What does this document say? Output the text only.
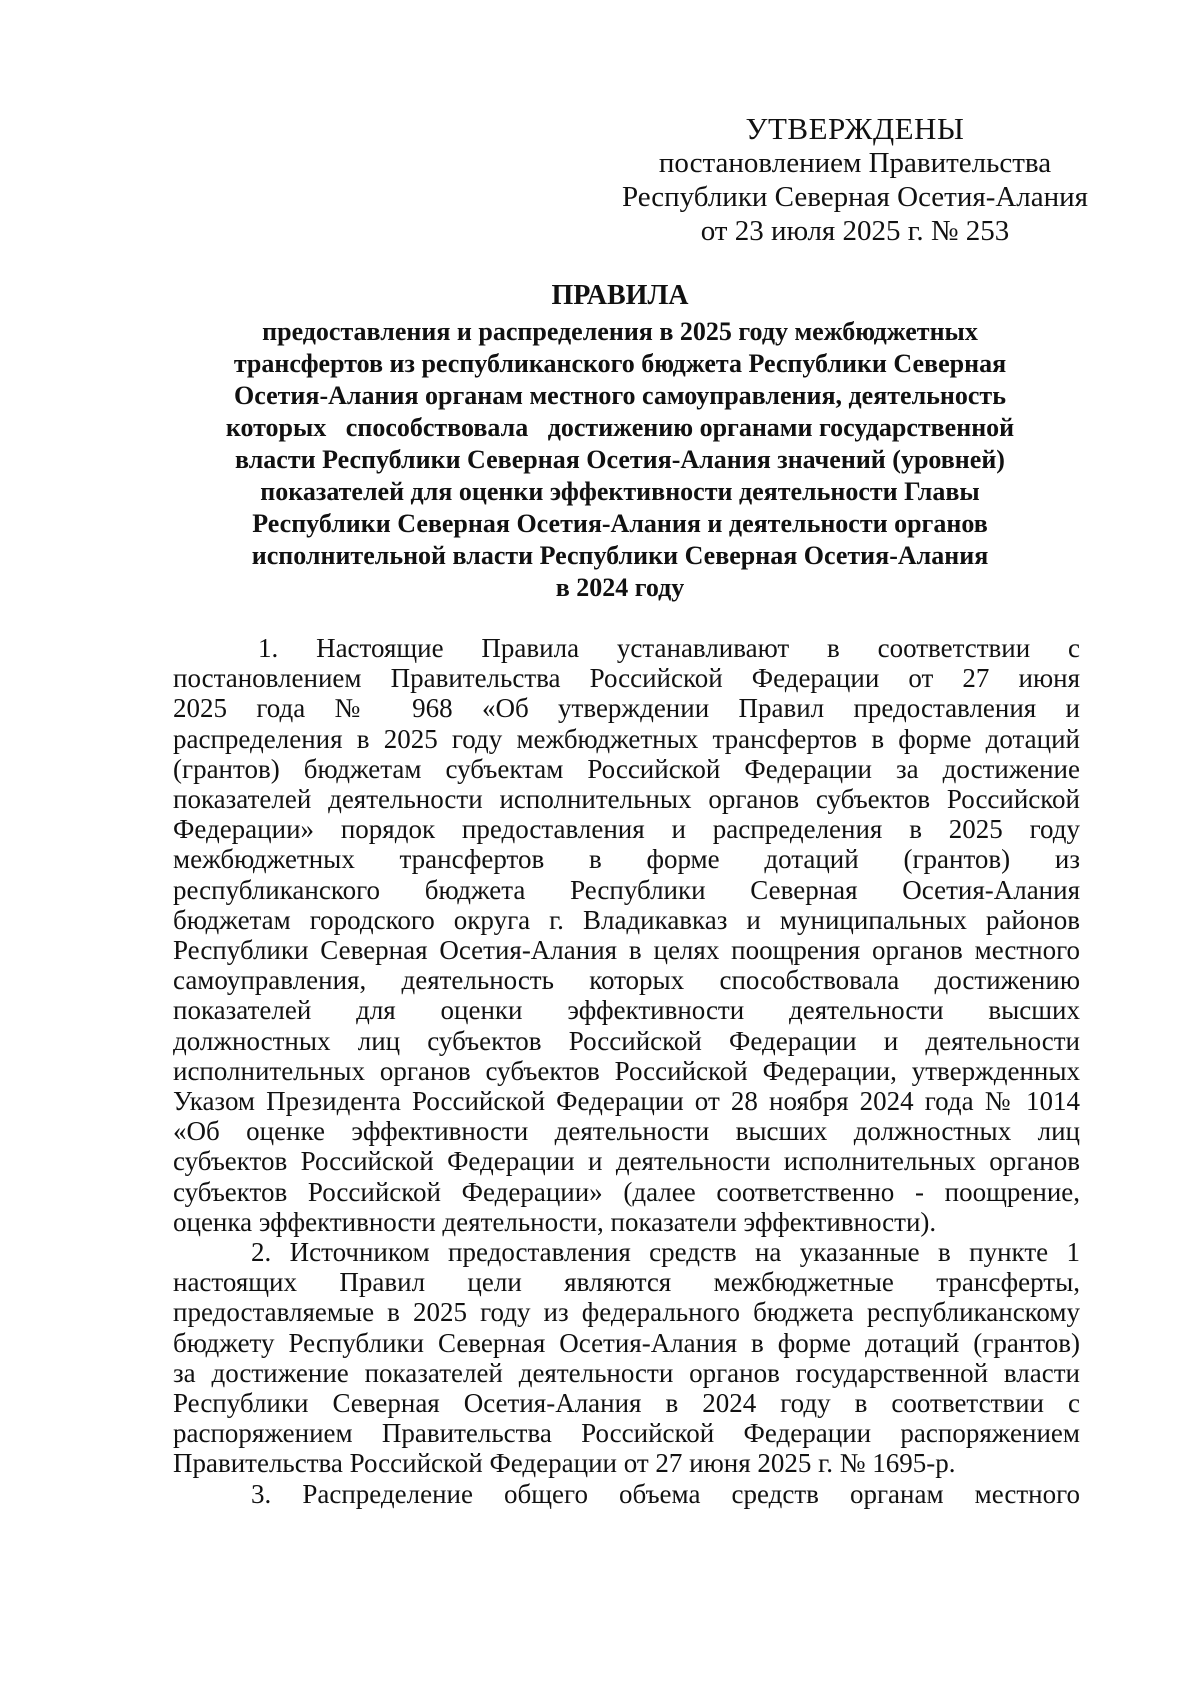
УТВЕРЖДЕНЫ
постановлением Правительства
Республики Северная Осетия-Алания
от 23 июля 2025 г. № 253
ПРАВИЛА
предоставления и распределения в 2025 году межбюджетных
трансфертов из республиканского бюджета Республики Северная
Осетия-Алания органам местного самоуправления, деятельность
которых   способствовала   достижению органами государственной
власти Республики Северная Осетия-Алания значений (уровней)
показателей для оценки эффективности деятельности Главы
Республики Северная Осетия-Алания и деятельности органов
исполнительной власти Республики Северная Осетия-Алания
в 2024 году
1. Настоящие Правила устанавливают в соответствии с
постановлением Правительства Российской Федерации от 27 июня
2025 года № 968 «Об утверждении Правил предоставления и
распределения в 2025 году межбюджетных трансфертов в форме дотаций
(грантов) бюджетам субъектам Российской Федерации за достижение
показателей деятельности исполнительных органов субъектов Российской
Федерации» порядок предоставления и распределения в 2025 году
межбюджетных трансфертов в форме дотаций (грантов) из
республиканского бюджета Республики Северная Осетия-Алания
бюджетам городского округа г. Владикавказ и муниципальных районов
Республики Северная Осетия-Алания в целях поощрения органов местного
самоуправления, деятельность которых способствовала достижению
показателей для оценки эффективности деятельности высших
должностных лиц субъектов Российской Федерации и деятельности
исполнительных органов субъектов Российской Федерации, утвержденных
Указом Президента Российской Федерации от 28 ноября 2024 года № 1014
«Об оценке эффективности деятельности высших должностных лиц
субъектов Российской Федерации и деятельности исполнительных органов
субъектов Российской Федерации» (далее соответственно - поощрение,
оценка эффективности деятельности, показатели эффективности).
2. Источником предоставления средств на указанные в пункте 1
настоящих Правил цели являются межбюджетные трансферты,
предоставляемые в 2025 году из федерального бюджета республиканскому
бюджету Республики Северная Осетия-Алания в форме дотаций (грантов)
за достижение показателей деятельности органов государственной власти
Республики Северная Осетия-Алания в 2024 году в соответствии с
распоряжением Правительства Российской Федерации распоряжением
Правительства Российской Федерации от 27 июня 2025 г. № 1695-р.
3. Распределение общего объема средств органам местного
